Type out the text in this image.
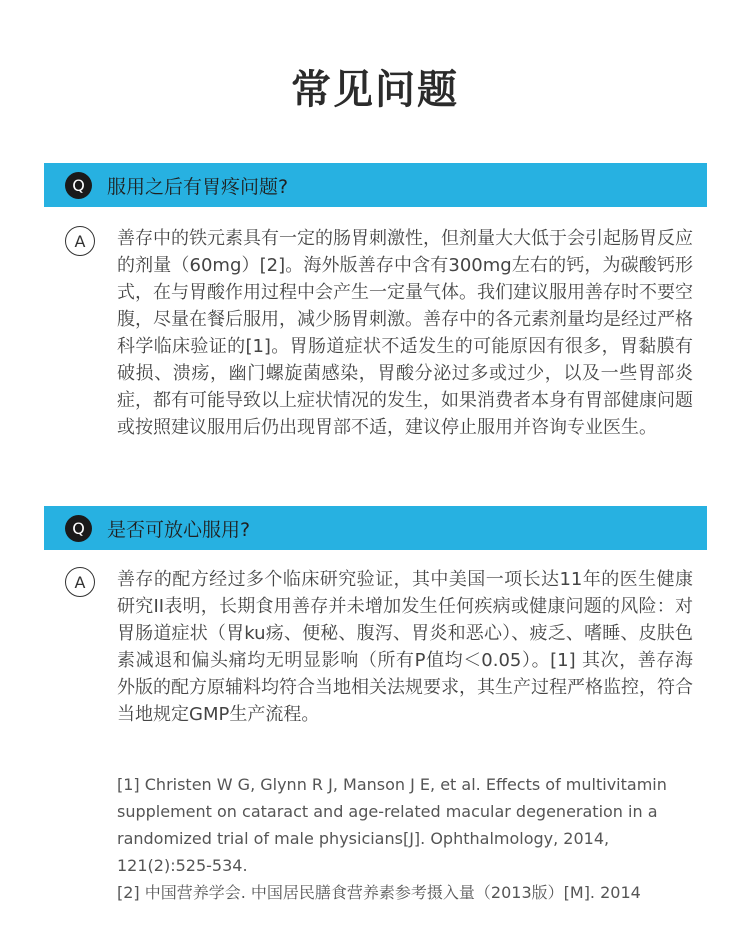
常见问题
Q	服用之后有胃疼问题?
A	善存中的铁元素具有一定的肠胃刺激性，但剂量大大低于会引起肠胃反应的剂量（60mg）[2]。海外版善存中含有300mg左右的钙，为碳酸钙形式，在与胃酸作用过程中会产生一定量气体。我们建议服用善存时不要空腹，尽量在餐后服用，减少肠胃刺激。善存中的各元素剂量均是经过严格科学临床验证的[1]。胃肠道症状不适发生的可能原因有很多，胃黏膜有破损、溃疡，幽门螺旋菌感染，胃酸分泌过多或过少，以及一些胃部炎症，都有可能导致以上症状情况的发生，如果消费者本身有胃部健康问题或按照建议服用后仍出现胃部不适，建议停止服用并咨询专业医生。
Q	是否可放心服用?
A	善存的配方经过多个临床研究验证，其中美国一项长达11年的医生健康研究II表明，长期食用善存并未增加发生任何疾病或健康问题的风险：对胃肠道症状（胃ku疡、便秘、腹泻、胃炎和恶心）、疲乏、嗜睡、皮肤色素减退和偏头痛均无明显影响（所有P值均＜0.05）。[1] 其次，善存海外版的配方原辅料均符合当地相关法规要求，其生产过程严格监控，符合当地规定GMP生产流程。

[1] Christen W G, Glynn R J, Manson J E, et al. Effects of multivitamin supplement on cataract and age-related macular degeneration in a randomized trial of male physicians[J]. Ophthalmology, 2014, 121(2):525-534.

[2] 中国营养学会. 中国居民膳食营养素参考摄入量（2013版）[M]. 2014
